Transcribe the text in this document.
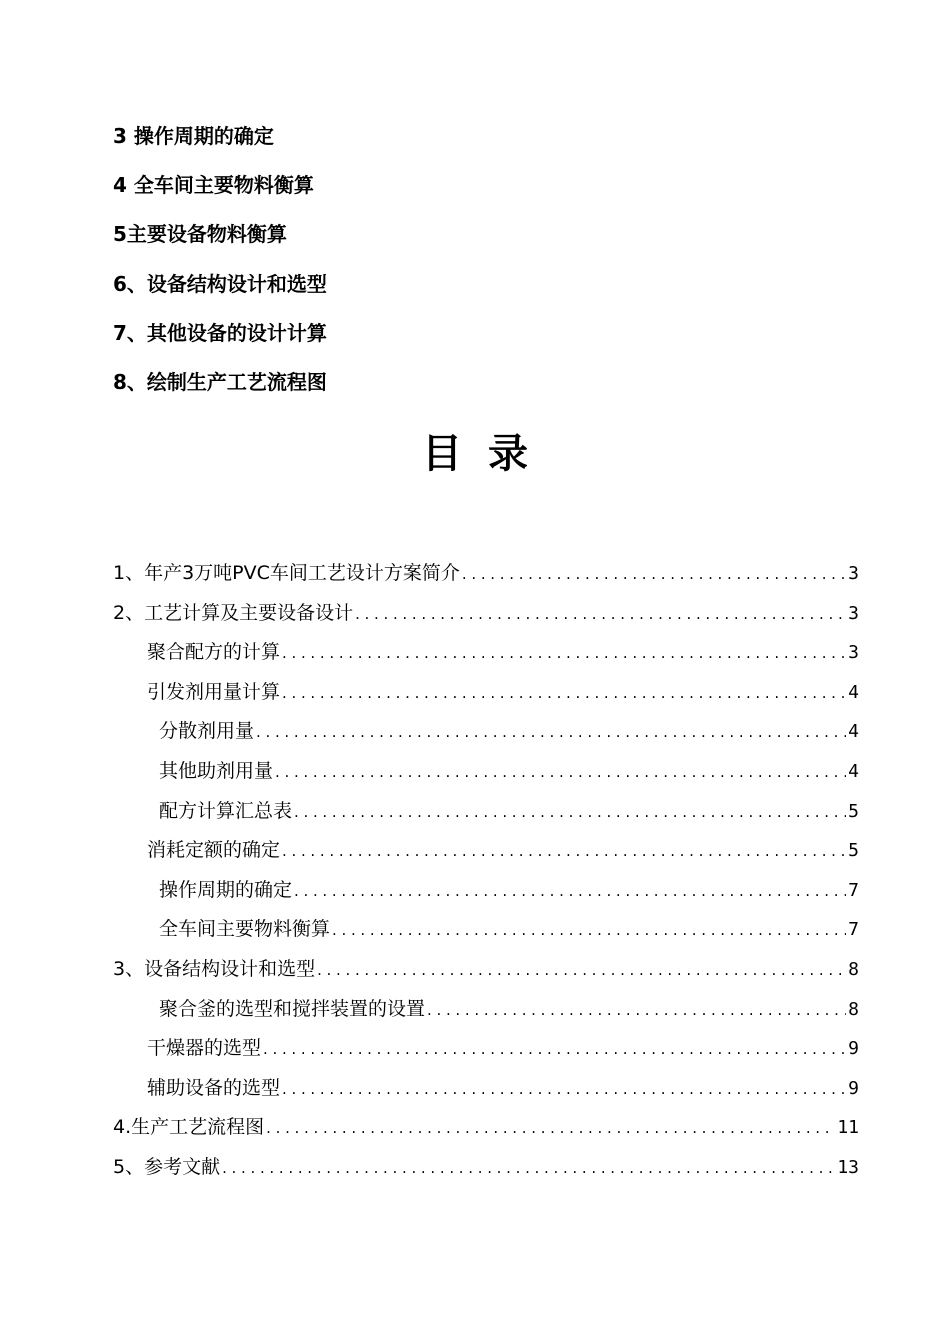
3 操作周期的确定
4 全车间主要物料衡算
5主要设备物料衡算
6、设备结构设计和选型
7、其他设备的设计计算
8、绘制生产工艺流程图
目录
1、年产3万吨PVC车间工艺设计方案简介 .....	3
2、工艺计算及主要设备设计 .....	3
聚合配方的计算 .....	3
引发剂用量计算 .....	4
分散剂用量 .....	4
其他助剂用量 .....	4
配方计算汇总表 .....	5
消耗定额的确定 .....	5
操作周期的确定 .....	7
全车间主要物料衡算 .....	7
3、设备结构设计和选型 .....	8
聚合釜的选型和搅拌装置的设置 .....	8
干燥器的选型 .....	9
辅助设备的选型 .....	9
4.生产工艺流程图 .....	11
5、参考文献 .....	13
